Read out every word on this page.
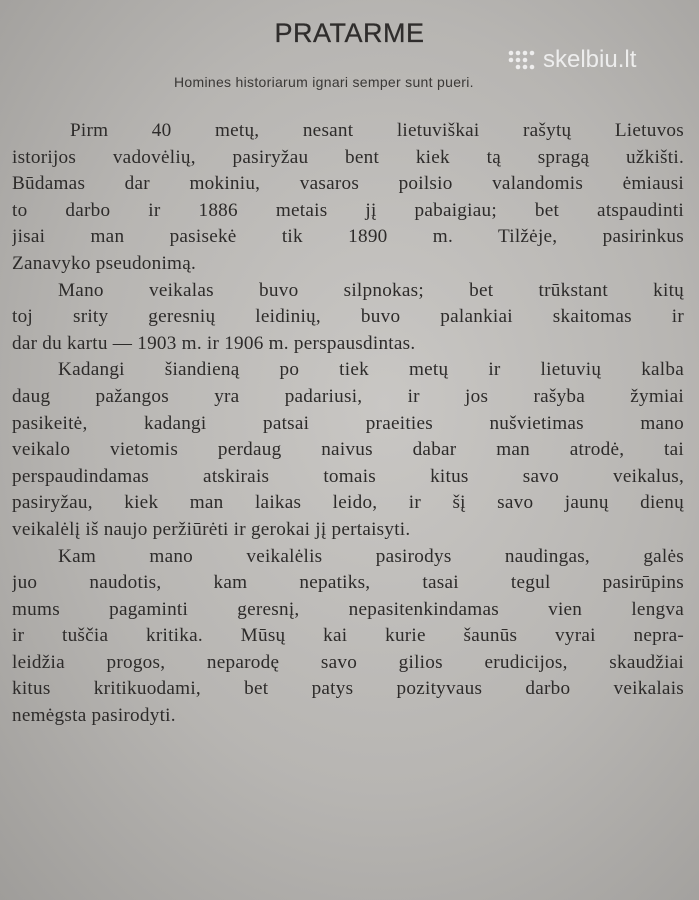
PRATARME
skelbiu.lt
Homines historiarum ignari semper sunt pueri.
Pirm 40 metų, nesant lietuviškai rašytų Lietuvos
istorijos vadovėlių, pasiryžau bent kiek tą spragą užkišti.
Būdamas dar mokiniu, vasaros poilsio valandomis ėmiausi
to darbo ir 1886 metais jį pabaigiau; bet atspaudinti
jisai man pasisekė tik 1890 m. Tilžėje, pasirinkus
Zanavyko pseudonimą.
Mano veikalas buvo silpnokas; bet trūkstant kitų
toj srity geresnių leidinių, buvo palankiai skaitomas ir
dar du kartu — 1903 m. ir 1906 m. perspausdintas.
Kadangi šiandieną po tiek metų ir lietuvių kalba
daug pažangos yra padariusi, ir jos rašyba žymiai
pasikeitė, kadangi patsai praeities nušvietimas mano
veikalo vietomis perdaug naivus dabar man atrodė, tai
perspaudindamas atskirais tomais kitus savo veikalus,
pasiryžau, kiek man laikas leido, ir šį savo jaunų dienų
veikalėlį iš naujo peržiūrėti ir gerokai jį pertaisyti.
Kam mano veikalėlis pasirodys naudingas, galės
juo naudotis, kam nepatiks, tasai tegul pasirūpins
mums pagaminti geresnį, nepasitenkindamas vien lengva
ir tuščia kritika. Mūsų kai kurie šaunūs vyrai nepra-
leidžia progos, neparodę savo gilios erudicijos, skaudžiai
kitus kritikuodami, bet patys pozityvaus darbo veikalais
nemėgsta pasirodyti.
